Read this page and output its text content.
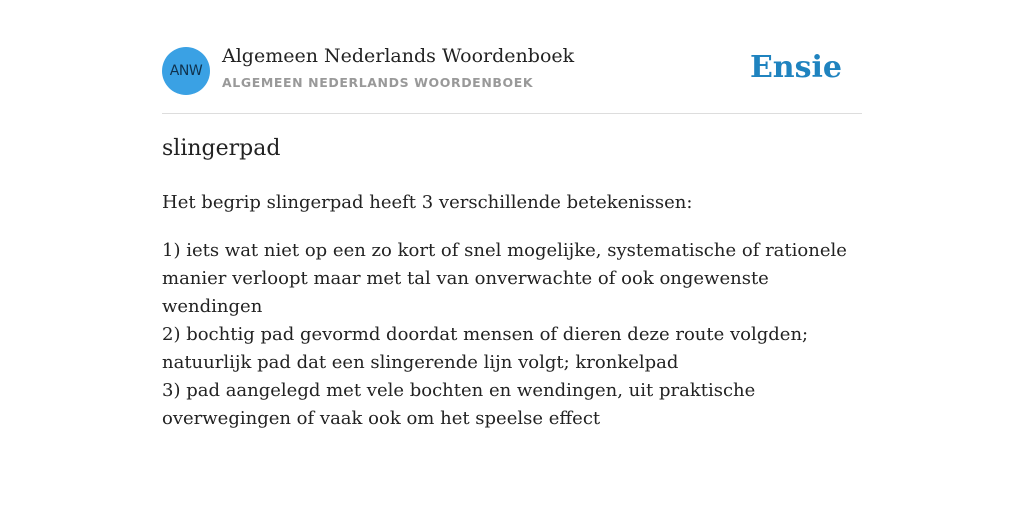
ANW
Algemeen Nederlands Woordenboek
ALGEMEEN NEDERLANDS WOORDENBOEK	Ensie
slingerpad
Het begrip slingerpad heeft 3 verschillende betekenissen:
1) iets wat niet op een zo kort of snel mogelijke, systematische of rationele manier verloopt maar met tal van onverwachte of ook ongewenste wendingen
2) bochtig pad gevormd doordat mensen of dieren deze route volgden; natuurlijk pad dat een slingerende lijn volgt; kronkelpad
3) pad aangelegd met vele bochten en wendingen, uit praktische overwegingen of vaak ook om het speelse effect
